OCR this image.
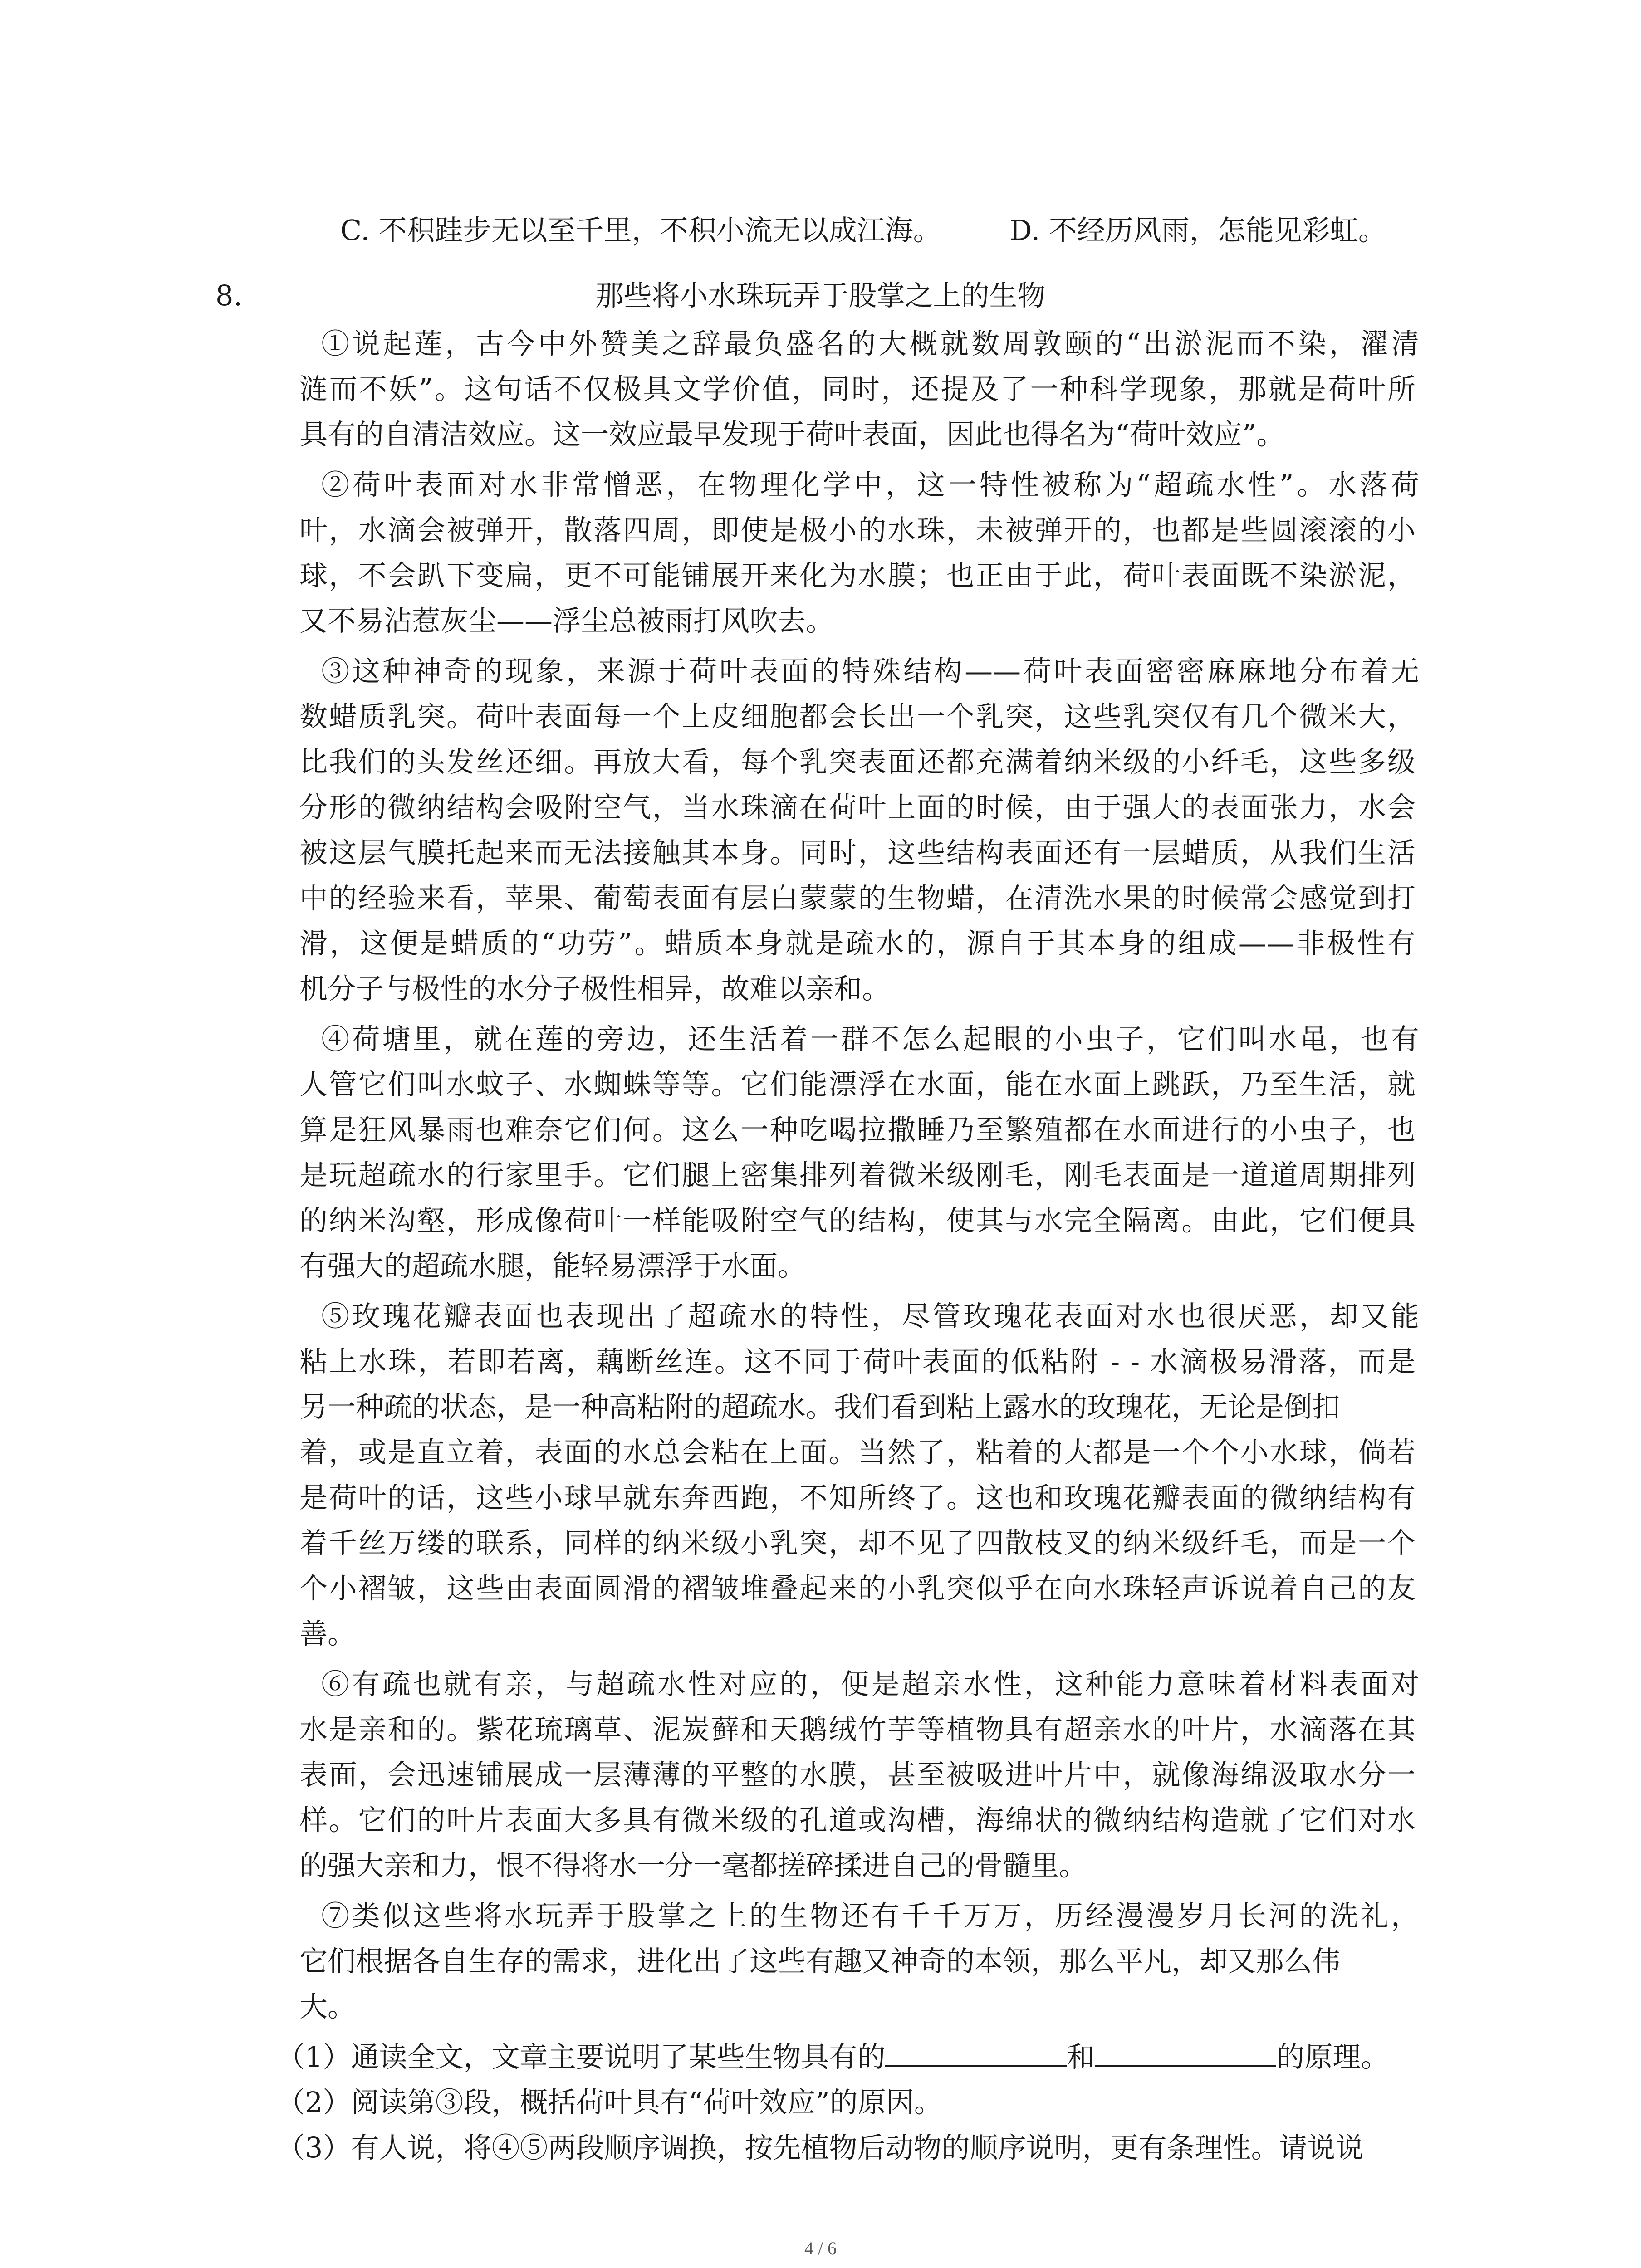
C. 不积跬步无以至千里，不积小流无以成江海。 D. 不经历风雨，怎能见彩虹。
8.	那些将小水珠玩弄于股掌之上的生物
①说起莲，古今中外赞美之辞最负盛名的大概就数周敦颐的“出淤泥而不染，濯清
涟而不妖”。这句话不仅极具文学价值，同时，还提及了一种科学现象，那就是荷叶所
具有的自清洁效应。这一效应最早发现于荷叶表面，因此也得名为“荷叶效应”。
②荷叶表面对水非常憎恶，在物理化学中，这一特性被称为“超疏水性”。水落荷
叶，水滴会被弹开，散落四周，即使是极小的水珠，未被弹开的，也都是些圆滚滚的小
球，不会趴下变扁，更不可能铺展开来化为水膜；也正由于此，荷叶表面既不染淤泥，
又不易沾惹灰尘——浮尘总被雨打风吹去。
③这种神奇的现象，来源于荷叶表面的特殊结构——荷叶表面密密麻麻地分布着无
数蜡质乳突。荷叶表面每一个上皮细胞都会长出一个乳突，这些乳突仅有几个微米大，
比我们的头发丝还细。再放大看，每个乳突表面还都充满着纳米级的小纤毛，这些多级
分形的微纳结构会吸附空气，当水珠滴在荷叶上面的时候，由于强大的表面张力，水会
被这层气膜托起来而无法接触其本身。同时，这些结构表面还有一层蜡质，从我们生活
中的经验来看，苹果、葡萄表面有层白蒙蒙的生物蜡，在清洗水果的时候常会感觉到打
滑，这便是蜡质的“功劳”。蜡质本身就是疏水的，源自于其本身的组成——非极性有
机分子与极性的水分子极性相异，故难以亲和。
④荷塘里，就在莲的旁边，还生活着一群不怎么起眼的小虫子，它们叫水黾，也有
人管它们叫水蚊子、水蜘蛛等等。它们能漂浮在水面，能在水面上跳跃，乃至生活，就
算是狂风暴雨也难奈它们何。这么一种吃喝拉撒睡乃至繁殖都在水面进行的小虫子，也
是玩超疏水的行家里手。它们腿上密集排列着微米级刚毛，刚毛表面是一道道周期排列
的纳米沟壑，形成像荷叶一样能吸附空气的结构，使其与水完全隔离。由此，它们便具
有强大的超疏水腿，能轻易漂浮于水面。
⑤玫瑰花瓣表面也表现出了超疏水的特性，尽管玫瑰花表面对水也很厌恶，却又能
粘上水珠，若即若离，藕断丝连。这不同于荷叶表面的低粘附 - - 水滴极易滑落，而是
另一种疏的状态，是一种高粘附的超疏水。我们看到粘上露水的玫瑰花，无论是倒扣
着，或是直立着，表面的水总会粘在上面。当然了，粘着的大都是一个个小水球，倘若
是荷叶的话，这些小球早就东奔西跑，不知所终了。这也和玫瑰花瓣表面的微纳结构有
着千丝万缕的联系，同样的纳米级小乳突，却不见了四散枝叉的纳米级纤毛，而是一个
个小褶皱，这些由表面圆滑的褶皱堆叠起来的小乳突似乎在向水珠轻声诉说着自己的友
善。
⑥有疏也就有亲，与超疏水性对应的，便是超亲水性，这种能力意味着材料表面对
水是亲和的。紫花琉璃草、泥炭藓和天鹅绒竹芋等植物具有超亲水的叶片，水滴落在其
表面，会迅速铺展成一层薄薄的平整的水膜，甚至被吸进叶片中，就像海绵汲取水分一
样。它们的叶片表面大多具有微米级的孔道或沟槽，海绵状的微纳结构造就了它们对水
的强大亲和力，恨不得将水一分一毫都搓碎揉进自己的骨髓里。
⑦类似这些将水玩弄于股掌之上的生物还有千千万万，历经漫漫岁月长河的洗礼，
它们根据各自生存的需求，进化出了这些有趣又神奇的本领，那么平凡，却又那么伟
大。
（1）通读全文，文章主要说明了某些生物具有的	和	的原理。
（2）阅读第③段，概括荷叶具有“荷叶效应”的原因。
（3）有人说，将④⑤两段顺序调换，按先植物后动物的顺序说明，更有条理性。请说说
4 / 6
